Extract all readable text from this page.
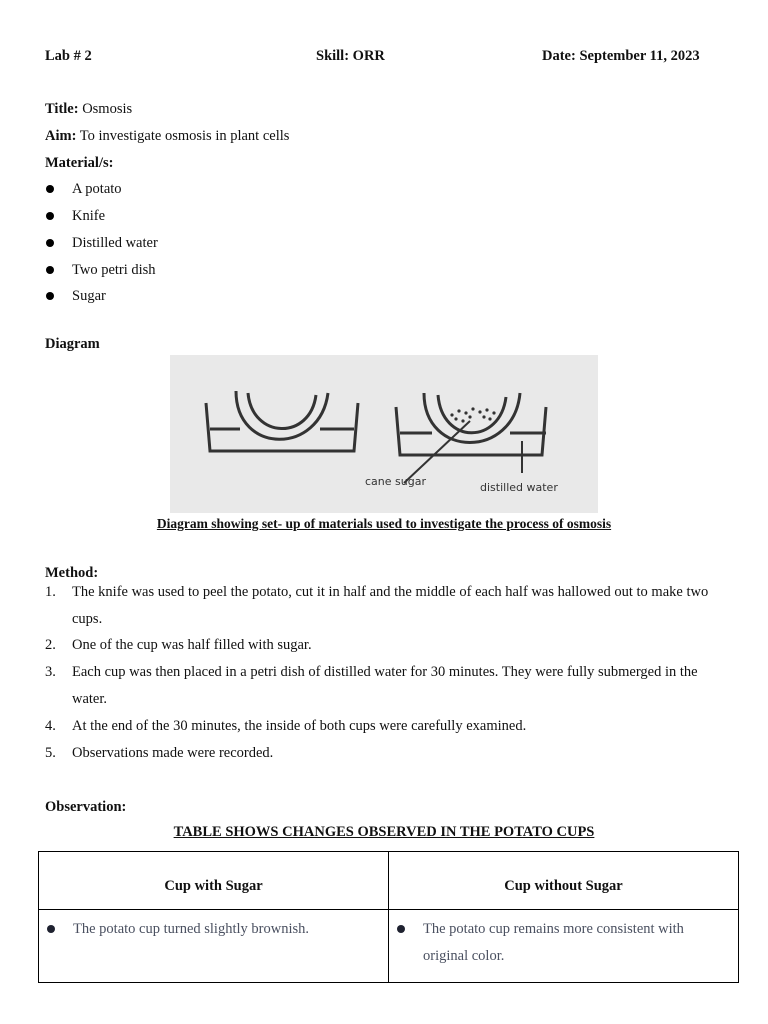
Lab # 2	Skill: ORR	Date: September 11, 2023
Title: Osmosis
Aim: To investigate osmosis in plant cells
Material/s:
A potato
Knife
Distilled water
Two petri dish
Sugar
Diagram
cane sugar	distilled water
Diagram showing set- up of materials used to investigate the process of osmosis
Method:
1.	The knife was used to peel the potato, cut it in half and the middle of each half was hallowed out to make two cups.
2.	One of the cup was half filled with sugar.
3.	Each cup was then placed in a petri dish of distilled water for 30 minutes. They were fully submerged in the water.
4.	At the end of the 30 minutes, the inside of both cups were carefully examined.
5.	Observations made were recorded.
Observation:
TABLE SHOWS CHANGES OBSERVED IN THE POTATO CUPS
Cup with Sugar	Cup without Sugar

The potato cup turned slightly brownish.	The potato cup remains more consistent with original color.
